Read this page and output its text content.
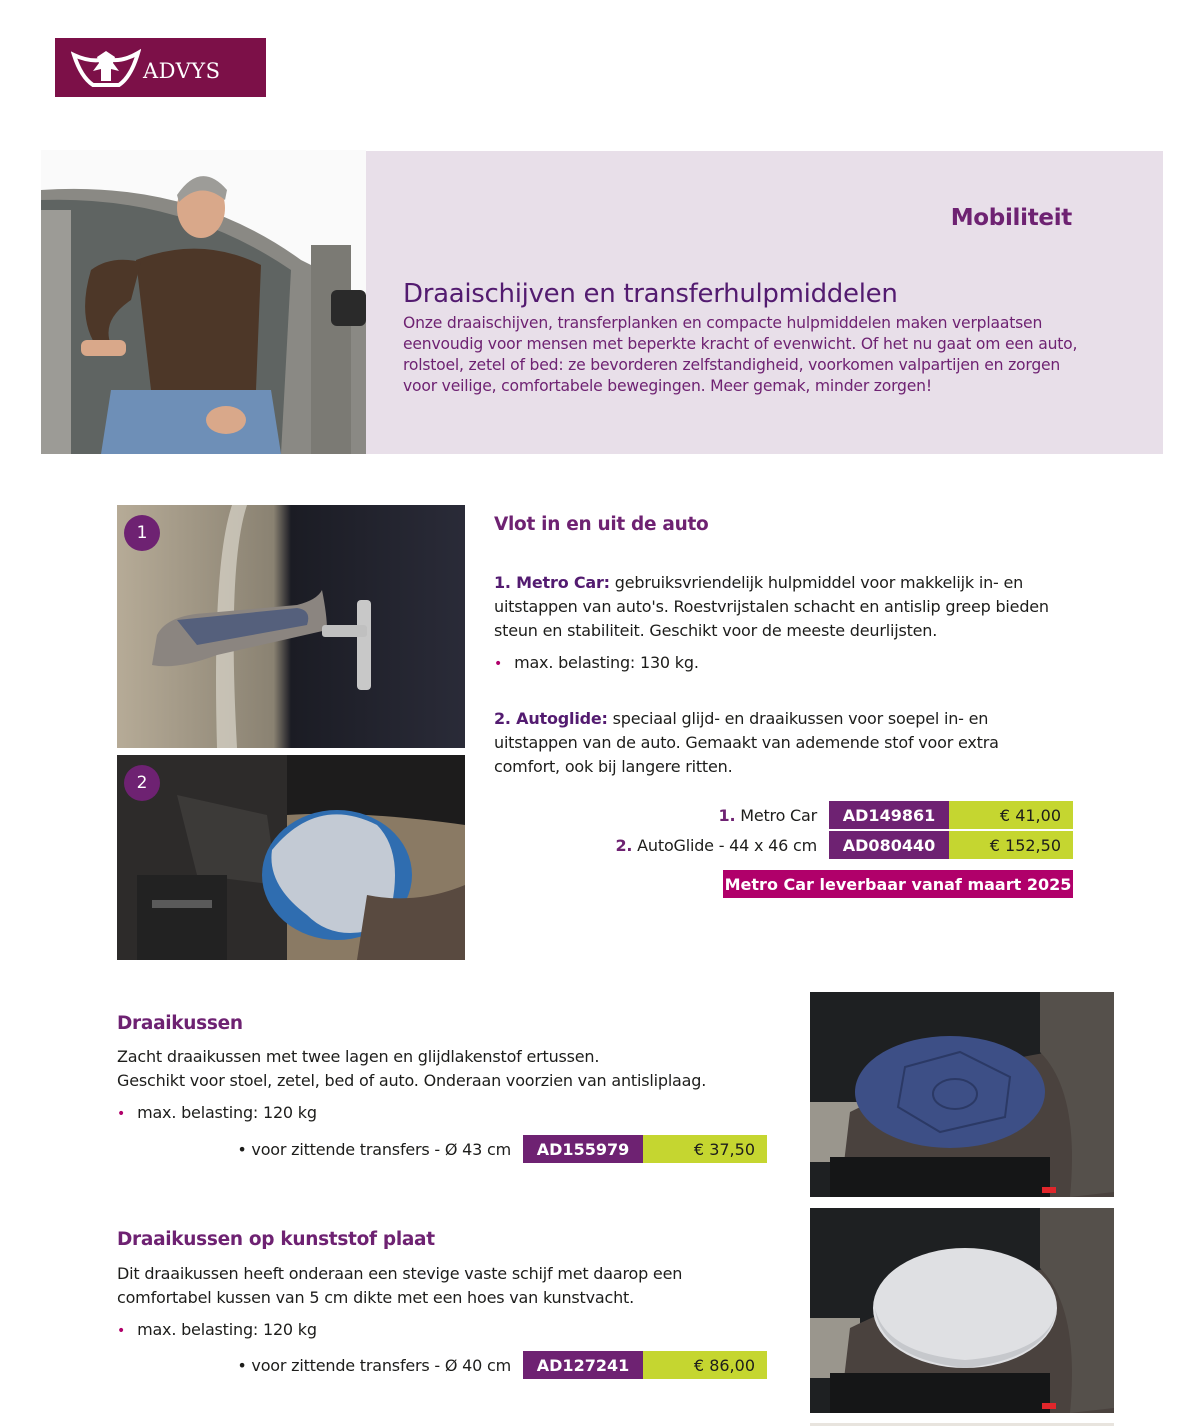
ADVYS
Mobiliteit
Draaischijven en transferhulpmiddelen
Onze draaischijven, transferplanken en compacte hulpmiddelen maken verplaatsen eenvoudig voor mensen met beperkte kracht of evenwicht. Of het nu gaat om een auto, rolstoel, zetel of bed: ze bevorderen zelfstandigheid, voorkomen valpartijen en zorgen voor veilige, comfortabele bewegingen. Meer gemak, minder zorgen!
1
2
Vlot in en uit de auto
1. Metro Car: gebruiksvriendelijk hulpmiddel voor makkelijk in- en uitstappen van auto's. Roestvrijstalen schacht en antislip greep bieden steun en stabiliteit. Geschikt voor de meeste deurlijsten.
• max. belasting: 130 kg.
2. Autoglide: speciaal glijd- en draaikussen voor soepel in- en uitstappen van de auto. Gemaakt van ademende stof voor extra comfort, ook bij langere ritten.
1. Metro Car	AD149861	€ 41,00
2. AutoGlide - 44 x 46 cm	AD080440	€ 152,50
Metro Car leverbaar vanaf maart 2025
Draaikussen
Zacht draaikussen met twee lagen en glijdlakenstof ertussen.
Geschikt voor stoel, zetel, bed of auto. Onderaan voorzien van antisliplaag.
• max. belasting: 120 kg
• voor zittende transfers - Ø 43 cm	AD155979	€ 37,50
Draaikussen op kunststof plaat
Dit draaikussen heeft onderaan een stevige vaste schijf met daarop een
comfortabel kussen van 5 cm dikte met een hoes van kunstvacht.
• max. belasting: 120 kg
• voor zittende transfers - Ø 40 cm	AD127241	€ 86,00
